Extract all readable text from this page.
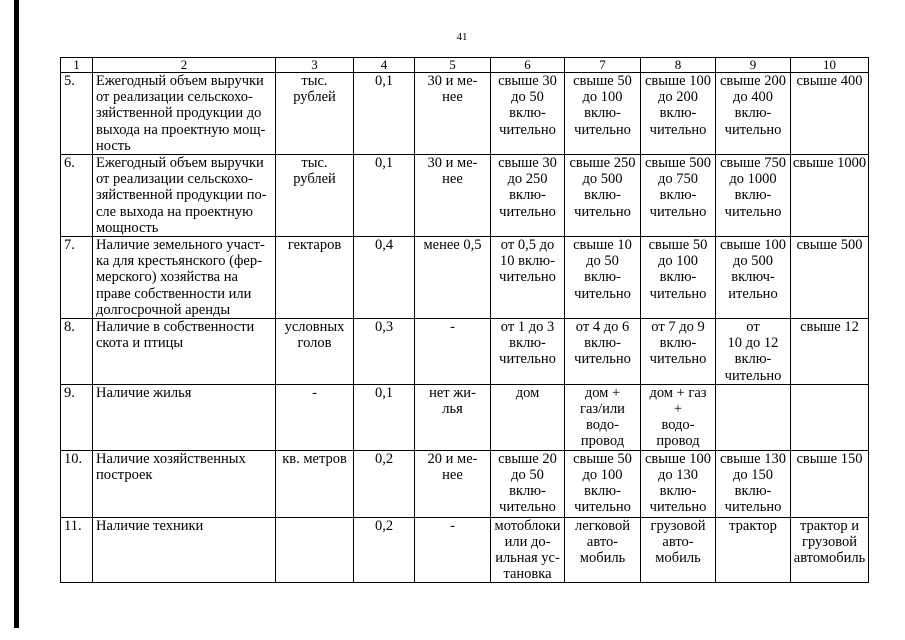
41
1	2	3	4	5	6	7	8	9	10
5.	Ежегодный объем выручки
от реализации сельскохо-
зяйственной продукции до
выхода на проектную мощ-
ность	тыс.
рублей	0,1	30 и ме-
нее	свыше 30
до 50
вклю-
чительно	свыше 50
до 100
вклю-
чительно	свыше 100
до 200
вклю-
чительно	свыше 200
до 400
вклю-
чительно	свыше 400
6.	Ежегодный объем выручки
от реализации сельскохо-
зяйственной продукции по-
сле выхода на проектную
мощность	тыс.
рублей	0,1	30 и ме-
нее	свыше 30
до 250
вклю-
чительно	свыше 250
до 500
вклю-
чительно	свыше 500
до 750
вклю-
чительно	свыше 750
до 1000
вклю-
чительно	свыше 1000
7.	Наличие земельного участ-
ка для крестьянского (фер-
мерского) хозяйства на
праве собственности или
долгосрочной аренды	гектаров	0,4	менее 0,5	от 0,5 до
10 вклю-
чительно	свыше 10
до 50
вклю-
чительно	свыше 50
до 100
вклю-
чительно	свыше 100
до 500
включ-
ительно	свыше 500
8.	Наличие в собственности
скота и птицы	условных
голов	0,3	-	от 1 до 3
вклю-
чительно	от 4 до 6
вклю-
чительно	от 7 до 9
вклю-
чительно	от
10 до 12
вклю-
чительно	свыше 12
9.	Наличие жилья	-	0,1	нет жи-
лья	дом	дом +
газ/или
водо-
провод	дом + газ
+
водо-
провод		
10.	Наличие хозяйственных
построек	кв. метров	0,2	20 и ме-
нее	свыше 20
до 50
вклю-
чительно	свыше 50
до 100
вклю-
чительно	свыше 100
до 130
вклю-
чительно	свыше 130
до 150
вклю-
чительно	свыше 150
11.	Наличие техники		0,2	-	мотоблоки
или до-
ильная ус-
тановка	легковой
авто-
мобиль	грузовой
авто-
мобиль	трактор	трактор и
грузовой
автомобиль
